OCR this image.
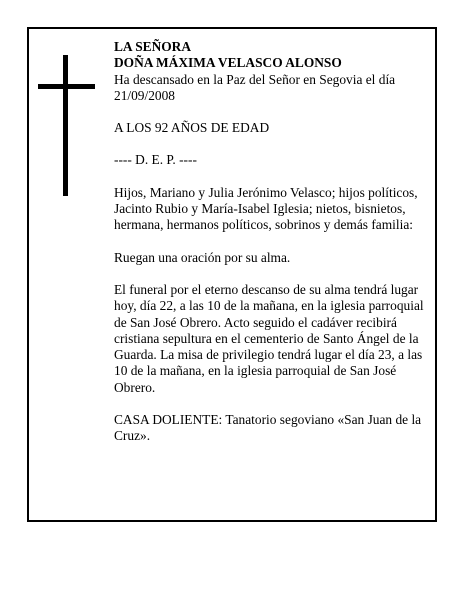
LA SEÑORA

DOÑA MÁXIMA VELASCO ALONSO

Ha descansado en la Paz del Señor en Segovia el día 21/09/2008

A LOS 92 AÑOS DE EDAD

---- D. E. P. ----

Hijos, Mariano y Julia Jerónimo Velasco; hijos políticos, Jacinto Rubio y María-Isabel Iglesia; nietos, bisnietos, hermana, hermanos políticos, sobrinos y demás familia:

Ruegan una oración por su alma.

El funeral por el eterno descanso de su alma tendrá lugar hoy, día 22, a las 10 de la mañana, en la iglesia parroquial de San José Obrero. Acto seguido el cadáver recibirá cristiana sepultura en el cementerio de Santo Ángel de la Guarda. La misa de privilegio tendrá lugar el día 23, a las 10 de la mañana, en la iglesia parroquial de San José Obrero.

CASA DOLIENTE: Tanatorio segoviano «San Juan de la Cruz».
